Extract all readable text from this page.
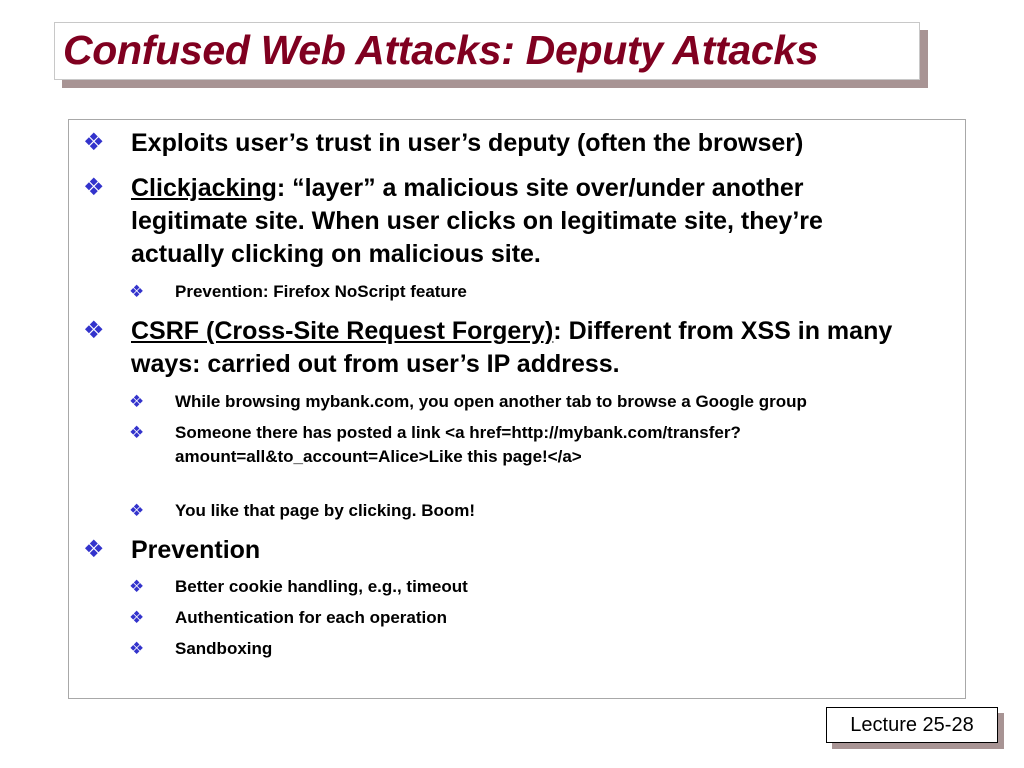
Confused Web Attacks: Deputy Attacks
❖ Exploits user’s trust in user’s deputy (often the browser)
❖ Clickjacking: “layer” a malicious site over/under another legitimate site. When user clicks on legitimate site, they’re actually clicking on malicious site.
❖ Prevention: Firefox NoScript feature
❖ CSRF (Cross-Site Request Forgery): Different from XSS in many ways: carried out from user’s IP address.
❖ While browsing mybank.com, you open another tab to browse a Google group
❖ Someone there has posted a link <a href=http://mybank.com/transfer?amount=all&to_account=Alice>Like this page!</a>
❖ You like that page by clicking. Boom!
❖ Prevention
❖ Better cookie handling, e.g., timeout
❖ Authentication for each operation
❖ Sandboxing
Lecture 25-28
